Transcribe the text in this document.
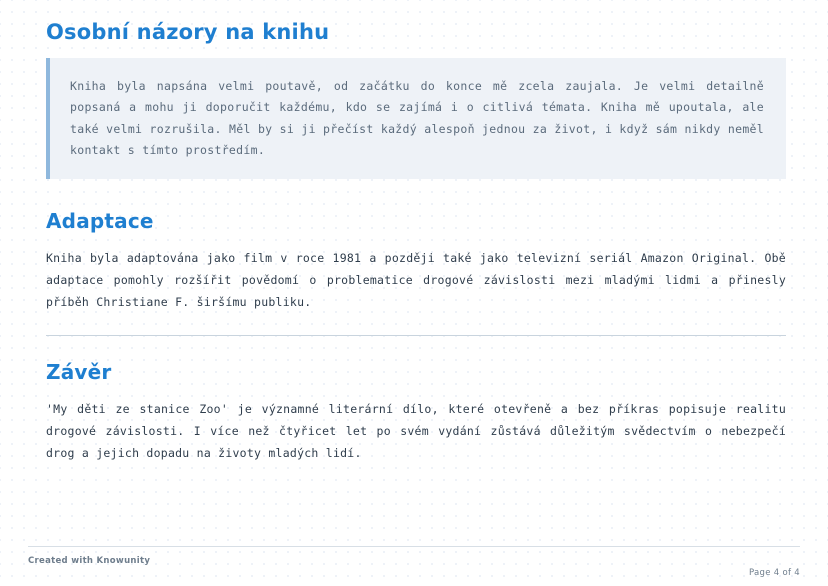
Osobní názory na knihu

Kniha byla napsána velmi poutavě, od začátku do konce mě zcela zaujala. Je velmi detailně popsaná a mohu ji doporučit každému, kdo se zajímá i o citlivá témata. Kniha mě upoutala, ale také velmi rozrušila. Měl by si ji přečíst každý alespoň jednou za život, i když sám nikdy neměl kontakt s tímto prostředím.

Adaptace

Kniha byla adaptována jako film v roce 1981 a později také jako televizní seriál Amazon Original. Obě adaptace pomohly rozšířit povědomí o problematice drogové závislosti mezi mladými lidmi a přinesly příběh Christiane F. širšímu publiku.

Závěr

'My děti ze stanice Zoo' je významné literární dílo, které otevřeně a bez příkras popisuje realitu drogové závislosti. I více než čtyřicet let po svém vydání zůstává důležitým svědectvím o nebezpečí drog a jejich dopadu na životy mladých lidí.

Created with Knowunity
Page 4 of 4
